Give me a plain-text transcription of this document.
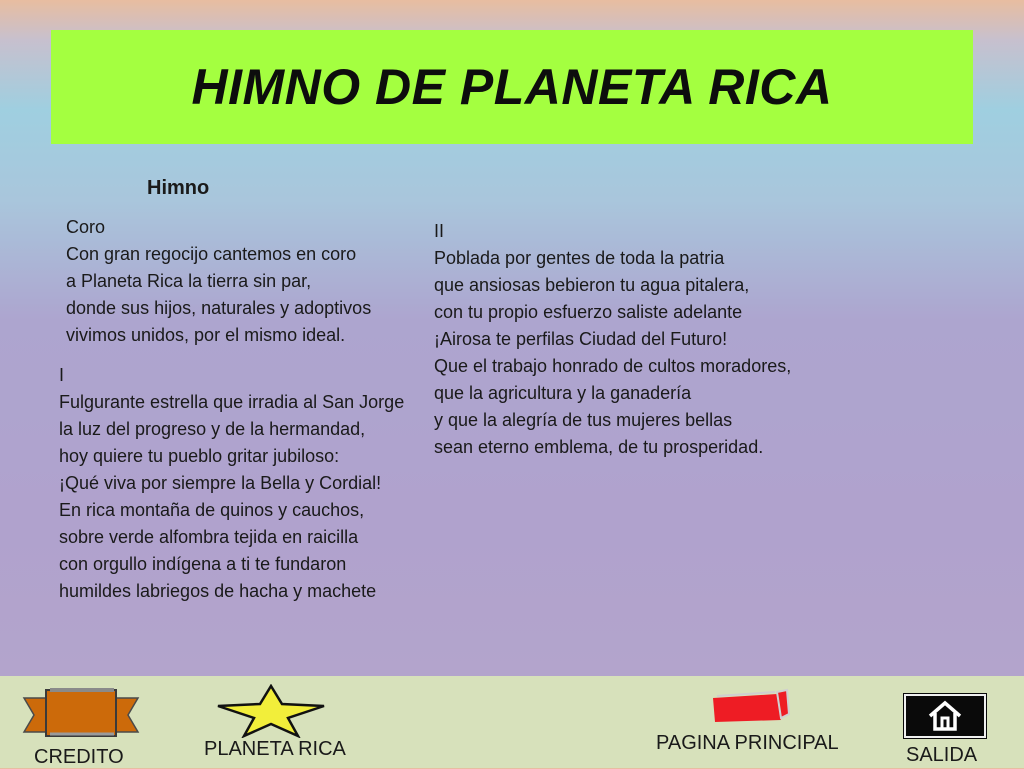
HIMNO DE PLANETA RICA
Himno
Coro
Con gran regocijo cantemos en coro
a Planeta Rica la tierra sin par,
donde sus hijos, naturales y adoptivos
vivimos unidos, por el mismo ideal.
I
Fulgurante estrella que irradia al San Jorge
la luz del progreso y de la hermandad,
hoy quiere tu pueblo gritar jubiloso:
¡Qué viva por siempre la Bella y Cordial!
En rica montaña de quinos y cauchos,
sobre verde alfombra tejida en raicilla
con orgullo indígena a ti te fundaron
humildes labriegos de hacha y machete
II
Poblada por gentes de toda la patria
que ansiosas bebieron tu agua pitalera,
con tu propio esfuerzo saliste adelante
¡Airosa te perfilas Ciudad del Futuro!
Que el trabajo honrado de cultos moradores,
que la agricultura y la ganadería
y que la alegría de tus mujeres bellas
sean eterno emblema, de tu prosperidad.
CREDITO	PLANETA RICA	PAGINA PRINCIPAL
SALIDA
